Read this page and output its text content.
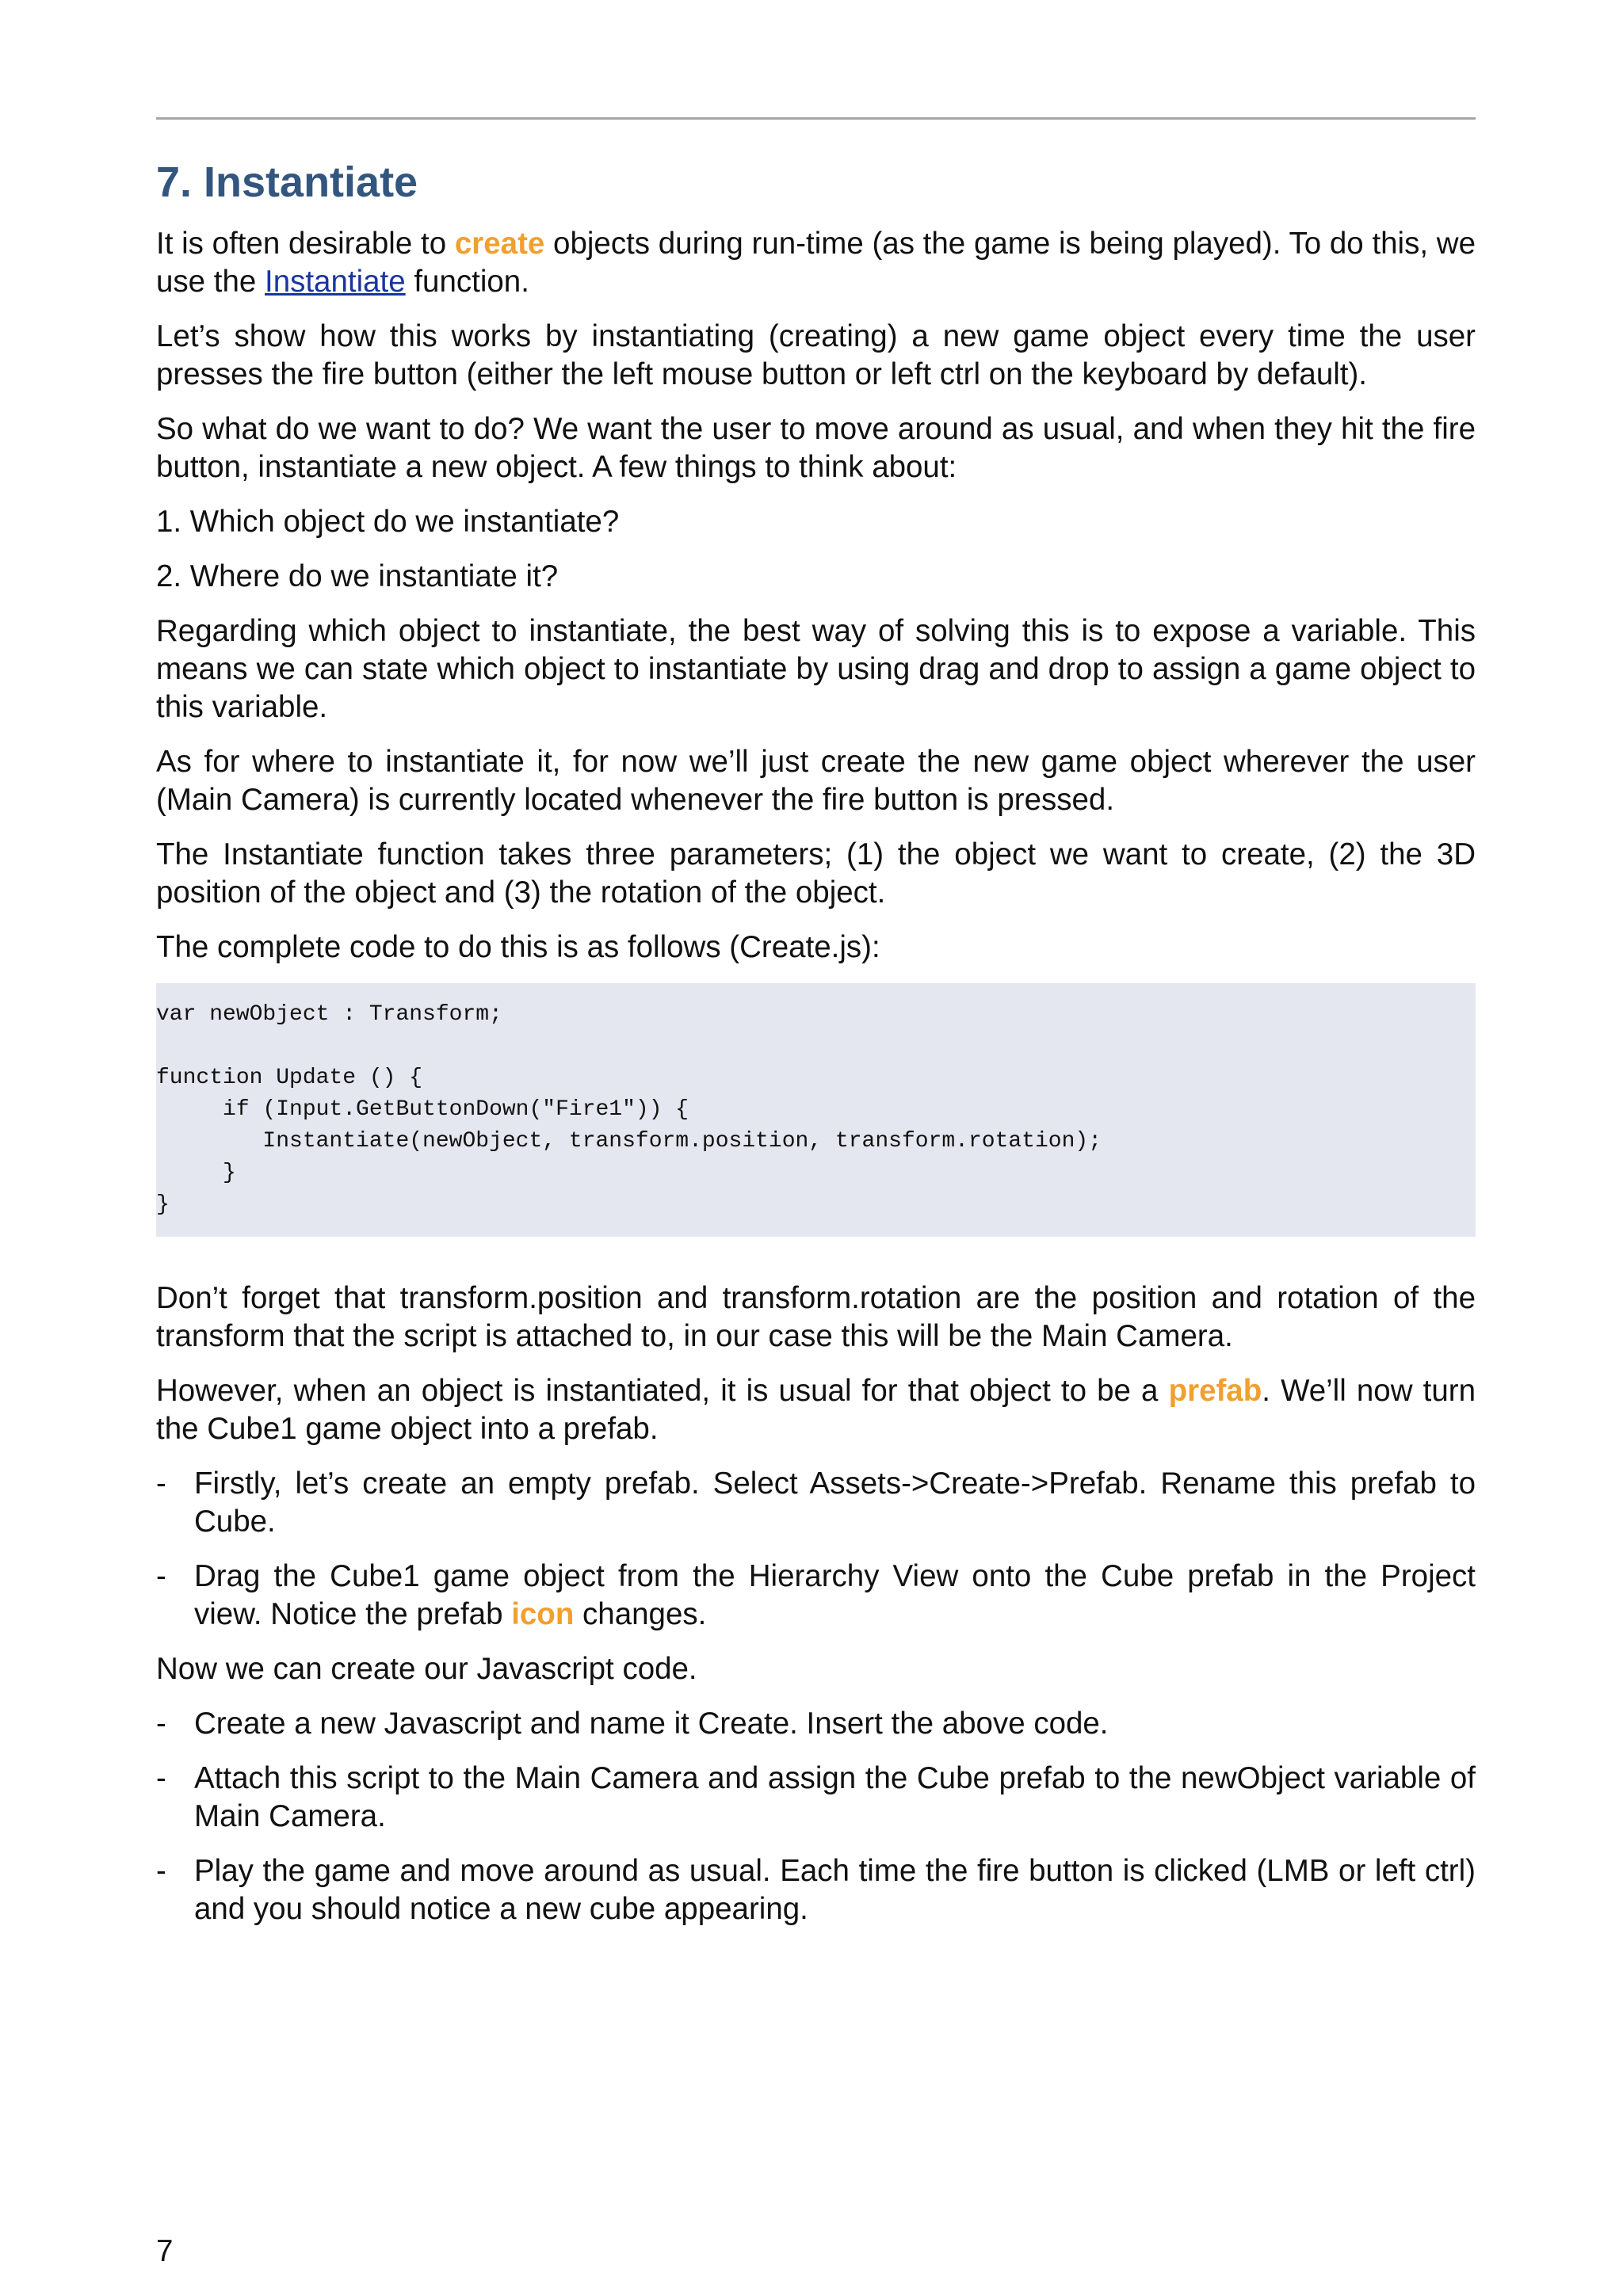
7. Instantiate

It is often desirable to create objects during run-time (as the game is being played). To do this, we use the Instantiate function.

Let’s show how this works by instantiating (creating) a new game object every time the user presses the fire button (either the left mouse button or left ctrl on the keyboard by default).

So what do we want to do? We want the user to move around as usual, and when they hit the fire button, instantiate a new object. A few things to think about:

1. Which object do we instantiate?

2. Where do we instantiate it?

Regarding which object to instantiate, the best way of solving this is to expose a variable. This means we can state which object to instantiate by using drag and drop to assign a game object to this variable.

As for where to instantiate it, for now we’ll just create the new game object wherever the user (Main Camera) is currently located whenever the fire button is pressed.

The Instantiate function takes three parameters; (1) the object we want to create, (2) the 3D position of the object and (3) the rotation of the object.

The complete code to do this is as follows (Create.js):

var newObject : Transform;

function Update () {
if (Input.GetButtonDown("Fire1")) {
Instantiate(newObject, transform.position, transform.rotation);
}
}

Don’t forget that transform.position and transform.rotation are the position and rotation of the transform that the script is attached to, in our case this will be the Main Camera.

However, when an object is instantiated, it is usual for that object to be a prefab. We’ll now turn the Cube1 game object into a prefab.

- Firstly, let’s create an empty prefab. Select Assets->Create->Prefab. Rename this prefab to Cube.

- Drag the Cube1 game object from the Hierarchy View onto the Cube prefab in the Project view. Notice the prefab icon changes.

Now we can create our Javascript code.

- Create a new Javascript and name it Create. Insert the above code.

- Attach this script to the Main Camera and assign the Cube prefab to the newObject variable of Main Camera.

- Play the game and move around as usual. Each time the fire button is clicked (LMB or left ctrl) and you should notice a new cube appearing.

7
